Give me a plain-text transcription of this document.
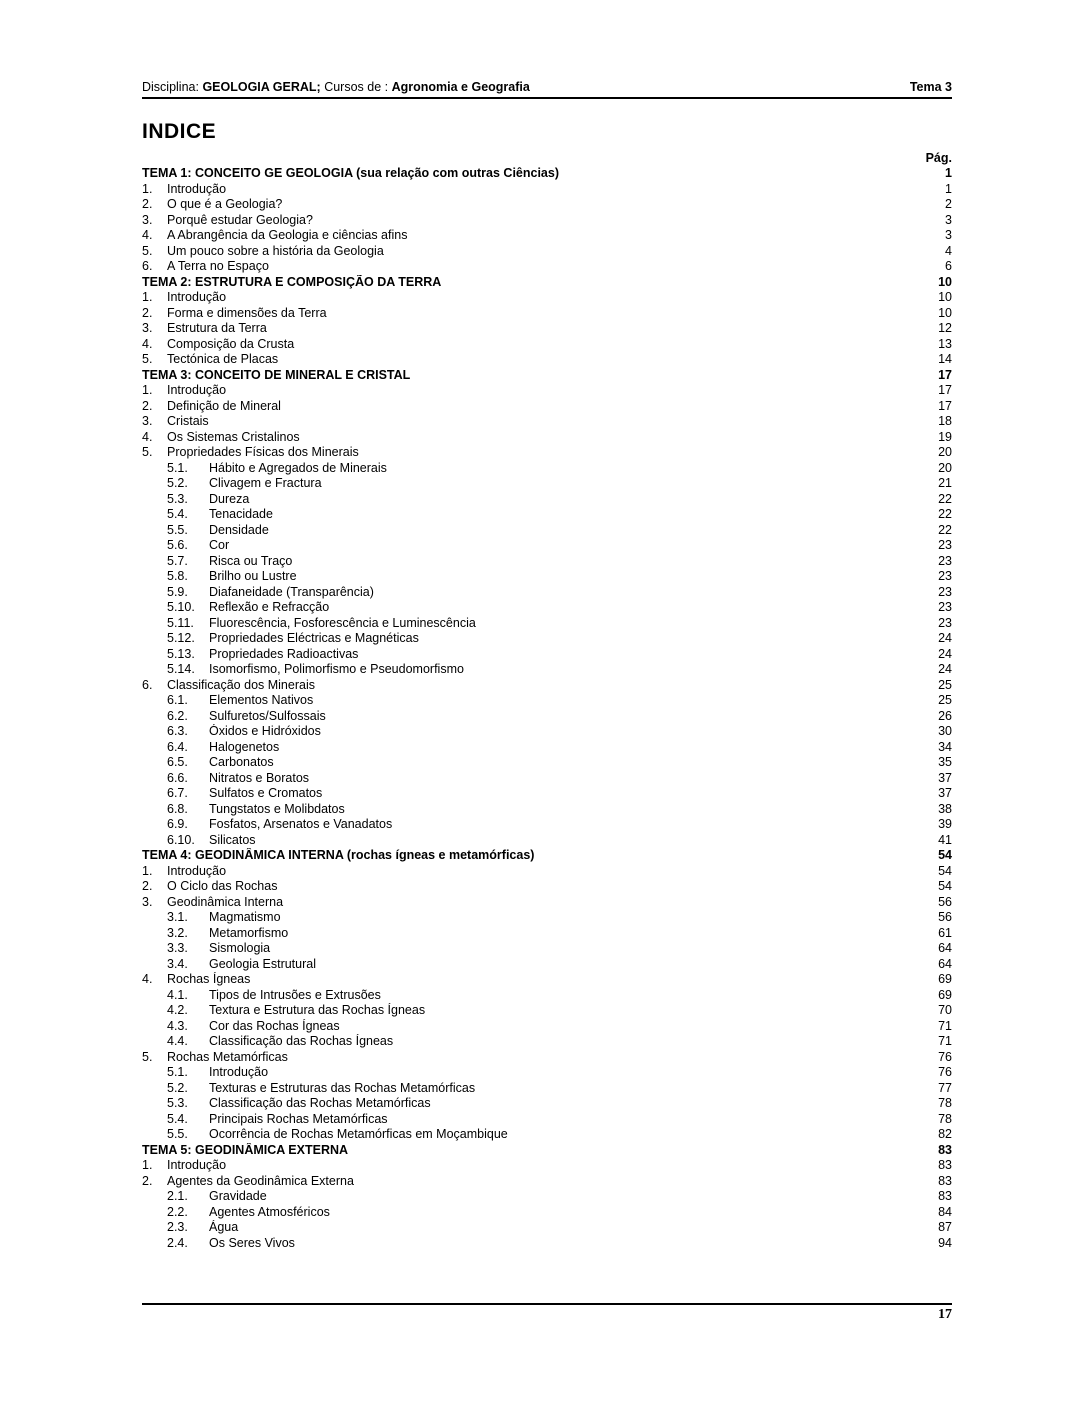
Disciplina: GEOLOGIA GERAL; Cursos de : Agronomia e Geografia	Tema 3
INDICE
Pág.
TEMA 1: CONCEITO GE GEOLOGIA (sua relação com outras Ciências)	1
1.	Introdução	1
2.	O que é a Geologia?	2
3.	Porquê estudar Geologia?	3
4.	A Abrangência da Geologia e ciências afins	3
5.	Um pouco sobre a história da Geologia	4
6.	A Terra no Espaço	6
TEMA 2: ESTRUTURA E COMPOSIÇÃO DA TERRA	10
1.	Introdução	10
2.	Forma e dimensões da Terra	10
3.	Estrutura da Terra	12
4.	Composição da Crusta	13
5.	Tectónica de Placas	14
TEMA 3: CONCEITO DE MINERAL E CRISTAL	17
1.	Introdução	17
2.	Definição de Mineral	17
3.	Cristais	18
4.	Os Sistemas Cristalinos	19
5.	Propriedades Físicas dos Minerais	20
5.1.	Hábito e Agregados de Minerais	20
5.2.	Clivagem e Fractura	21
5.3.	Dureza	22
5.4.	Tenacidade	22
5.5.	Densidade	22
5.6.	Cor	23
5.7.	Risca ou Traço	23
5.8.	Brilho ou Lustre	23
5.9.	Diafaneidade (Transparência)	23
5.10.	Reflexão e Refracção	23
5.11.	Fluorescência, Fosforescência e Luminescência	23
5.12.	Propriedades Eléctricas e Magnéticas	24
5.13.	Propriedades Radioactivas	24
5.14.	Isomorfismo, Polimorfismo e Pseudomorfismo	24
6.	Classificação dos Minerais	25
6.1.	Elementos Nativos	25
6.2.	Sulfuretos/Sulfossais	26
6.3.	Óxidos e Hidróxidos	30
6.4.	Halogenetos	34
6.5.	Carbonatos	35
6.6.	Nitratos e Boratos	37
6.7.	Sulfatos e Cromatos	37
6.8.	Tungstatos e Molibdatos	38
6.9.	Fosfatos, Arsenatos e Vanadatos	39
6.10.	Silicatos	41
TEMA 4: GEODINÂMICA INTERNA (rochas ígneas e metamórficas)	54
1.	Introdução	54
2.	O Ciclo das Rochas	54
3.	Geodinâmica Interna	56
3.1.	Magmatismo	56
3.2.	Metamorfismo	61
3.3.	Sismologia	64
3.4.	Geologia Estrutural	64
4.	Rochas Ígneas	69
4.1.	Tipos de Intrusões e Extrusões	69
4.2.	Textura e Estrutura das Rochas Ígneas	70
4.3.	Cor das Rochas Ígneas	71
4.4.	Classificação das Rochas Ígneas	71
5.	Rochas Metamórficas	76
5.1.	Introdução	76
5.2.	Texturas e Estruturas das Rochas Metamórficas	77
5.3.	Classificação das Rochas Metamórficas	78
5.4.	Principais Rochas Metamórficas	78
5.5.	Ocorrência de Rochas Metamórficas em Moçambique	82
TEMA 5: GEODINÂMICA EXTERNA	83
1.	Introdução	83
2.	Agentes da Geodinâmica Externa	83
2.1.	Gravidade	83
2.2.	Agentes Atmosféricos	84
2.3.	Água	87
2.4.	Os Seres Vivos	94
17
